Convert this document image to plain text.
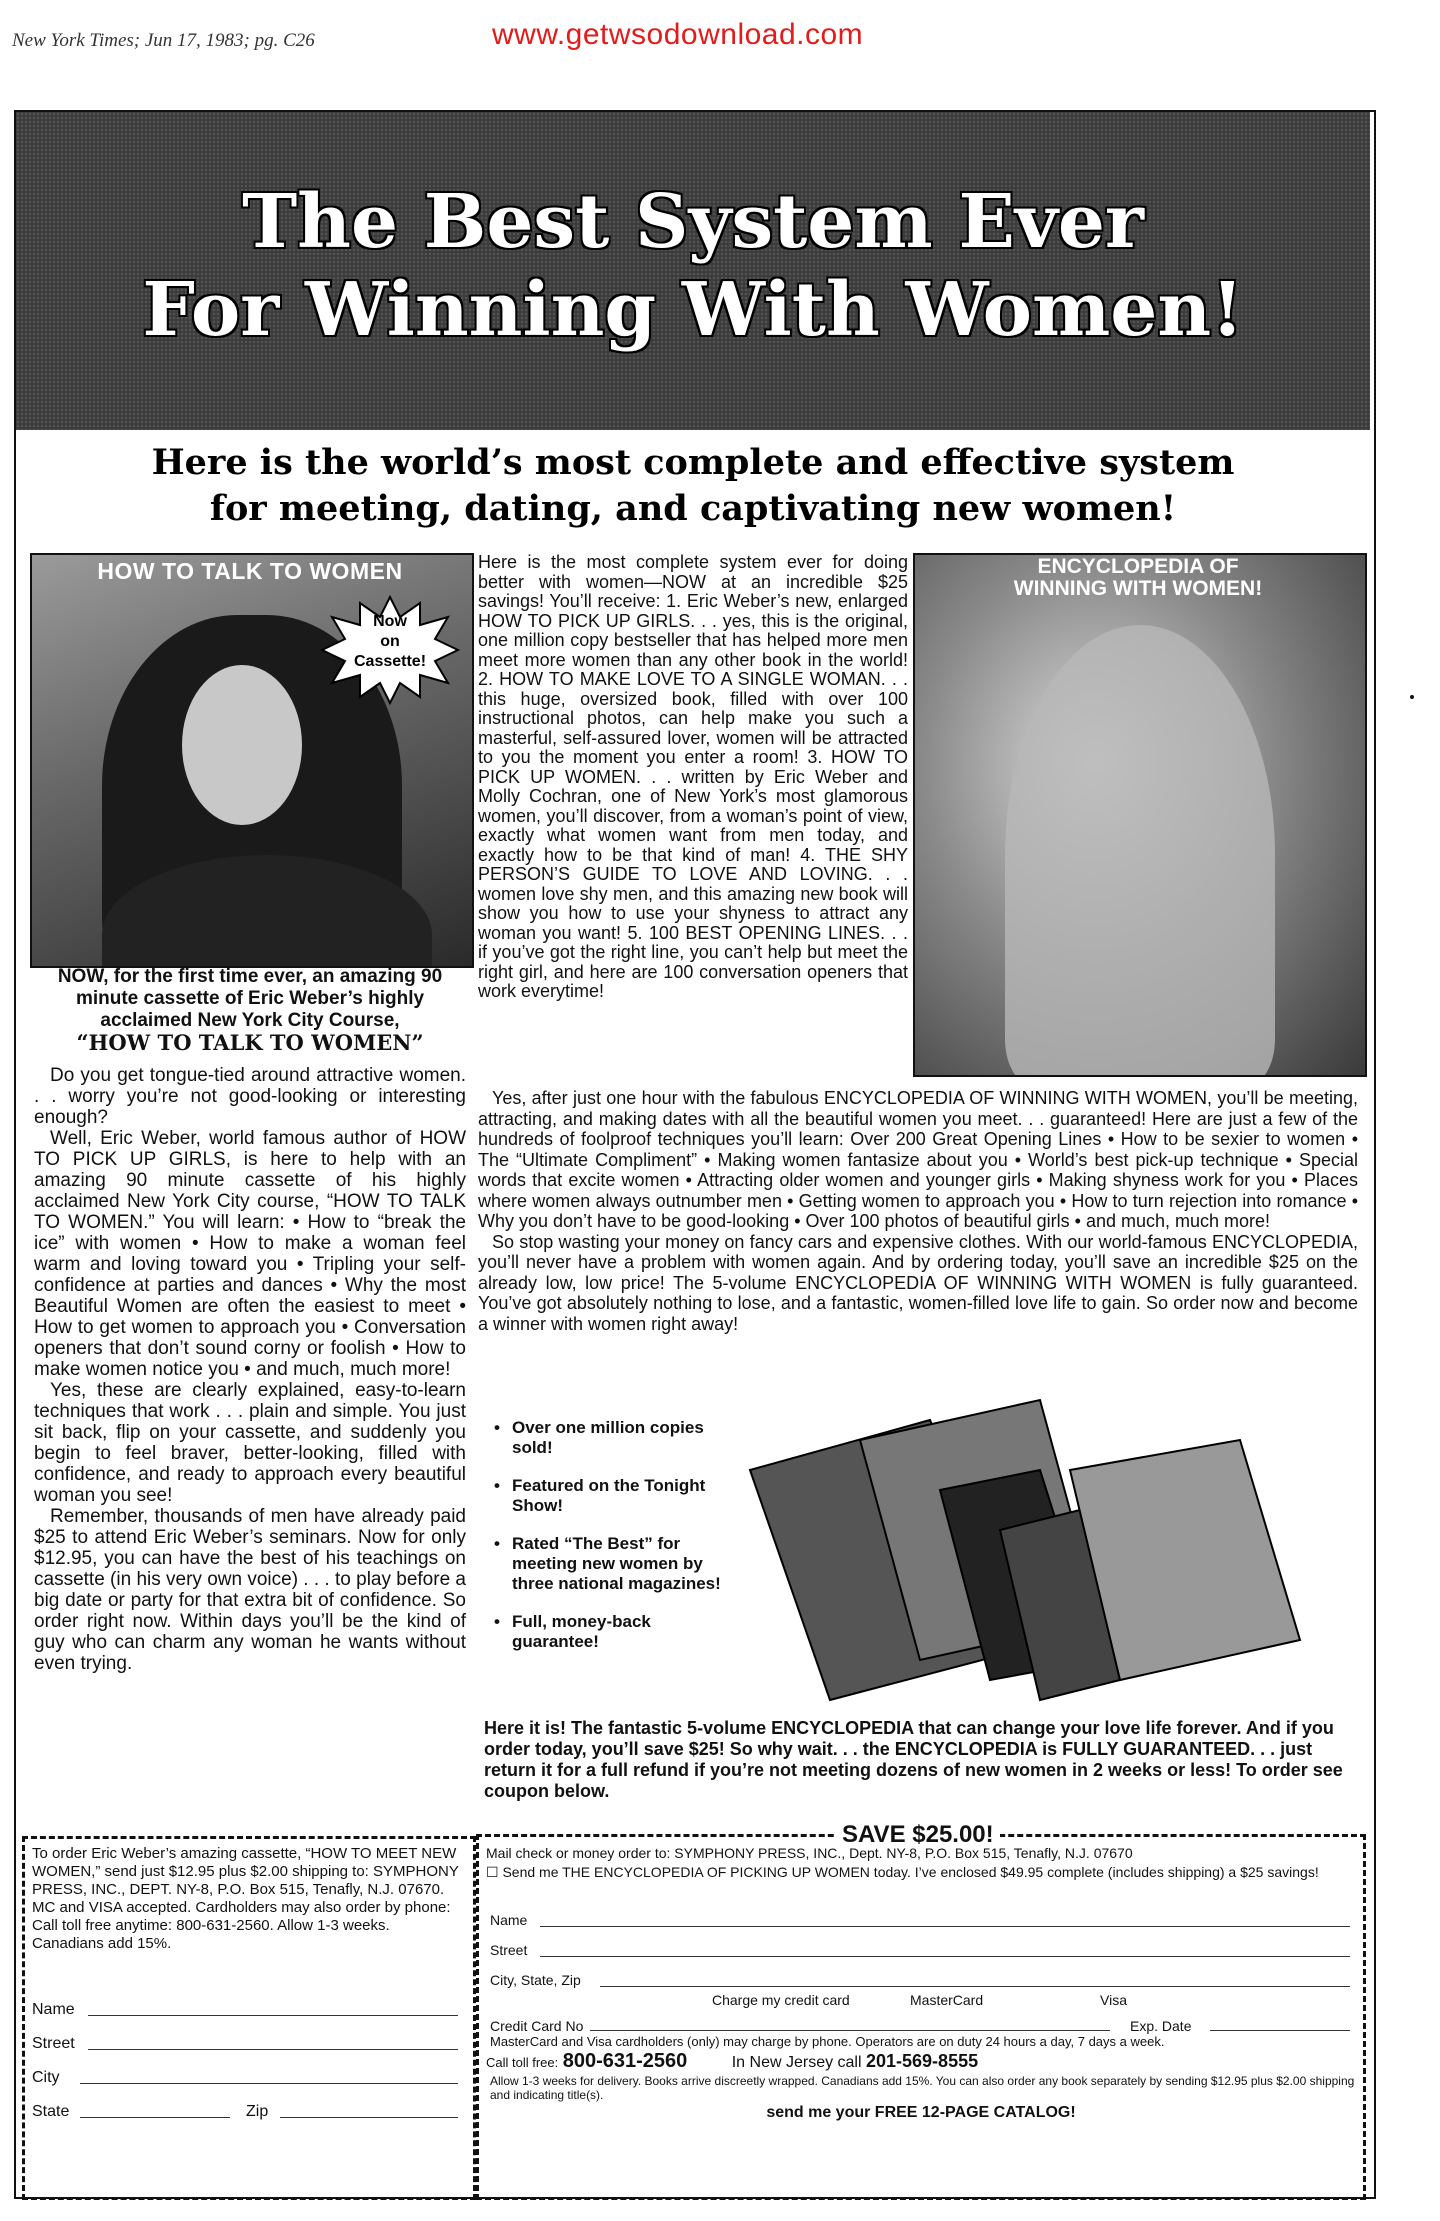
New York Times; Jun 17, 1983; pg. C26	www.getwsodownload.com
The Best System Ever
For Winning With Women!
Here is the world’s most complete and effective system
for meeting, dating, and captivating new women!
HOW TO TALK TO WOMEN
Now
on
Cassette!
NOW, for the first time ever, an amazing 90 minute cassette of Eric Weber’s highly acclaimed New York City Course,
“HOW TO TALK TO WOMEN”

Do you get tongue-tied around attractive women. . . worry you’re not good-looking or interesting enough?

Well, Eric Weber, world famous author of HOW TO PICK UP GIRLS, is here to help with an amazing 90 minute cassette of his highly acclaimed New York City course, “HOW TO TALK TO WOMEN.” You will learn: • How to “break the ice” with women • How to make a woman feel warm and loving toward you • Tripling your self-confidence at parties and dances • Why the most Beautiful Women are often the easiest to meet • How to get women to approach you • Conversation openers that don’t sound corny or foolish • How to make women notice you • and much, much more!

Yes, these are clearly explained, easy-to-learn techniques that work . . . plain and simple. You just sit back, flip on your cassette, and suddenly you begin to feel braver, better-looking, filled with confidence, and ready to approach every beautiful woman you see!

Remember, thousands of men have already paid $25 to attend Eric Weber’s seminars. Now for only $12.95, you can have the best of his teachings on cassette (in his very own voice) . . . to play before a big date or party for that extra bit of confidence. So order right now. Within days you’ll be the kind of guy who can charm any woman he wants without even trying.

Here is the most complete system ever for doing better with women—NOW at an incredible $25 savings! You’ll receive: 1. Eric Weber’s new, enlarged HOW TO PICK UP GIRLS. . . yes, this is the original, one million copy bestseller that has helped more men meet more women than any other book in the world! 2. HOW TO MAKE LOVE TO A SINGLE WOMAN. . . this huge, oversized book, filled with over 100 instructional photos, can help make you such a masterful, self-assured lover, women will be attracted to you the moment you enter a room! 3. HOW TO PICK UP WOMEN. . . written by Eric Weber and Molly Cochran, one of New York’s most glamorous women, you’ll discover, from a woman’s point of view, exactly what women want from men today, and exactly how to be that kind of man! 4. THE SHY PERSON’S GUIDE TO LOVE AND LOVING. . . women love shy men, and this amazing new book will show you how to use your shyness to attract any woman you want! 5. 100 BEST OPENING LINES. . . if you’ve got the right line, you can’t help but meet the right girl, and here are 100 conversation openers that work everytime!
ENCYCLOPEDIA OF
WINNING WITH WOMEN!

Yes, after just one hour with the fabulous ENCYCLOPEDIA OF WINNING WITH WOMEN, you’ll be meeting, attracting, and making dates with all the beautiful women you meet. . . guaranteed! Here are just a few of the hundreds of foolproof techniques you’ll learn: Over 200 Great Opening Lines • How to be sexier to women • The “Ultimate Compliment” • Making women fantasize about you • World’s best pick-up technique • Special words that excite women • Attracting older women and younger girls • Making shyness work for you • Places where women always outnumber men • Getting women to approach you • How to turn rejection into romance • Why you don’t have to be good-looking • Over 100 photos of beautiful girls • and much, much more!

So stop wasting your money on fancy cars and expensive clothes. With our world-famous ENCYCLOPEDIA, you’ll never have a problem with women again. And by ordering today, you’ll save an incredible $25 on the already low, low price! The 5-volume ENCYCLOPEDIA OF WINNING WITH WOMEN is fully guaranteed. You’ve got absolutely nothing to lose, and a fantastic, women-filled love life to gain. So order now and become a winner with women right away!

• Over one million copies sold!
• Featured on the Tonight Show!
• Rated “The Best” for meeting new women by three national magazines!
• Full, money-back guarantee!
Here it is! The fantastic 5-volume ENCYCLOPEDIA that can change your love life forever. And if you order today, you’ll save $25! So why wait. . . the ENCYCLOPEDIA is FULLY GUARANTEED. . . just return it for a full refund if you’re not meeting dozens of new women in 2 weeks or less! To order see coupon below.
To order Eric Weber’s amazing cassette, “HOW TO MEET NEW WOMEN,” send just $12.95 plus $2.00 shipping to: SYMPHONY PRESS, INC., DEPT. NY-8, P.O. Box 515, Tenafly, N.J. 07670. MC and VISA accepted. Cardholders may also order by phone: Call toll free anytime: 800-631-2560. Allow 1-3 weeks. Canadians add 15%.
Name
Street
City
State	Zip
SAVE $25.00!
Mail check or money order to: SYMPHONY PRESS, INC., Dept. NY-8, P.O. Box 515, Tenafly, N.J. 07670
☐ Send me THE ENCYCLOPEDIA OF PICKING UP WOMEN today. I’ve enclosed $49.95 complete (includes shipping) a $25 savings!
Name
Street
City, State, Zip
Charge my credit card	MasterCard	Visa
Credit Card No	Exp. Date
MasterCard and Visa cardholders (only) may charge by phone. Operators are on duty 24 hours a day, 7 days a week.
Call toll free: 800-631-2560	In New Jersey call 201-569-8555
Allow 1-3 weeks for delivery. Books arrive discreetly wrapped. Canadians add 15%. You can also order any book separately by sending $12.95 plus $2.00 shipping and indicating title(s).
send me your FREE 12-PAGE CATALOG!
